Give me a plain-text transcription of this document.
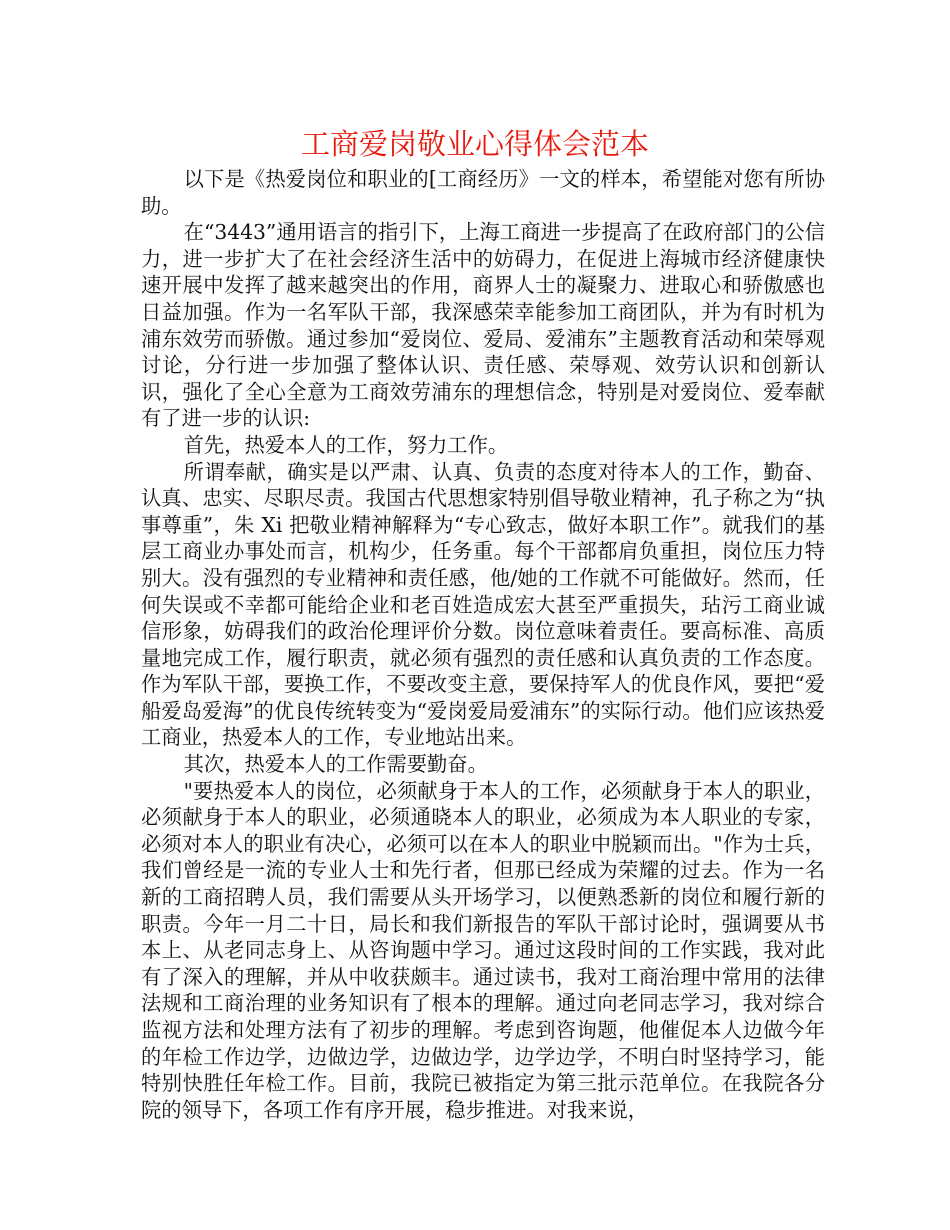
工商爱岗敬业心得体会范本

以下是《热爱岗位和职业的[工商经历》一文的样本，希望能对您有所协助。

在“3443”通用语言的指引下，上海工商进一步提高了在政府部门的公信力，进一步扩大了在社会经济生活中的妨碍力，在促进上海城市经济健康快速开展中发挥了越来越突出的作用，商界人士的凝聚力、进取心和骄傲感也日益加强。作为一名军队干部，我深感荣幸能参加工商团队，并为有时机为浦东效劳而骄傲。通过参加“爱岗位、爱局、爱浦东”主题教育活动和荣辱观讨论，分行进一步加强了整体认识、责任感、荣辱观、效劳认识和创新认识，强化了全心全意为工商效劳浦东的理想信念，特别是对爱岗位、爱奉献有了进一步的认识:

首先，热爱本人的工作，努力工作。

所谓奉献，确实是以严肃、认真、负责的态度对待本人的工作，勤奋、认真、忠实、尽职尽责。我国古代思想家特别倡导敬业精神，孔子称之为“执事尊重”，朱 Xi 把敬业精神解释为“专心致志，做好本职工作”。就我们的基层工商业办事处而言，机构少，任务重。每个干部都肩负重担，岗位压力特别大。没有强烈的专业精神和责任感，他/她的工作就不可能做好。然而，任何失误或不幸都可能给企业和老百姓造成宏大甚至严重损失，玷污工商业诚信形象，妨碍我们的政治伦理评价分数。岗位意味着责任。要高标准、高质量地完成工作，履行职责，就必须有强烈的责任感和认真负责的工作态度。作为军队干部，要换工作，不要改变主意，要保持军人的优良作风，要把“爱船爱岛爱海”的优良传统转变为“爱岗爱局爱浦东”的实际行动。他们应该热爱工商业，热爱本人的工作，专业地站出来。

其次，热爱本人的工作需要勤奋。

"要热爱本人的岗位，必须献身于本人的工作，必须献身于本人的职业，必须献身于本人的职业，必须通晓本人的职业，必须成为本人职业的专家，必须对本人的职业有决心，必须可以在本人的职业中脱颖而出。"作为士兵，我们曾经是一流的专业人士和先行者，但那已经成为荣耀的过去。作为一名新的工商招聘人员，我们需要从头开场学习，以便熟悉新的岗位和履行新的职责。今年一月二十日，局长和我们新报告的军队干部讨论时，强调要从书本上、从老同志身上、从咨询题中学习。通过这段时间的工作实践，我对此有了深入的理解，并从中收获颇丰。通过读书，我对工商治理中常用的法律法规和工商治理的业务知识有了根本的理解。通过向老同志学习，我对综合监视方法和处理方法有了初步的理解。考虑到咨询题，他催促本人边做今年的年检工作边学，边做边学，边做边学，边学边学，不明白时坚持学习，能特别快胜任年检工作。目前，我院已被指定为第三批示范单位。在我院各分院的领导下，各项工作有序开展，稳步推进。对我来说，
